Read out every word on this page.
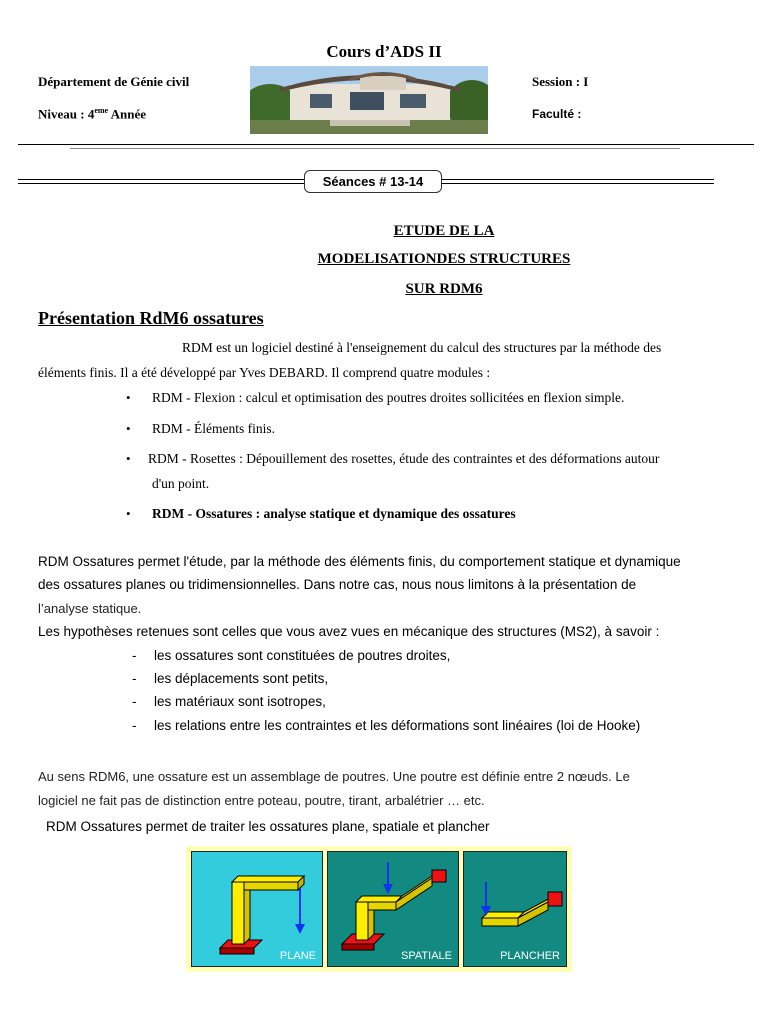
Cours d’ADS II
Département de Génie civil
Niveau : 4eme Année
Session : I
Faculté :
Séances # 13-14
ETUDE DE LA
MODELISATIONDES STRUCTURES
SUR RDM6
Présentation RdM6 ossatures
RDM est un logiciel destiné à l'enseignement du calcul des structures par la méthode des
éléments finis. Il a été développé par Yves DEBARD. Il comprend quatre modules :
• RDM - Flexion : calcul et optimisation des poutres droites sollicitées en flexion simple.
• RDM - Éléments finis.
• RDM - Rosettes : Dépouillement des rosettes, étude des contraintes et des déformations autour
d'un point.
• RDM - Ossatures : analyse statique et dynamique des ossatures
RDM Ossatures permet l'étude, par la méthode des éléments finis, du comportement statique et dynamique
des ossatures planes ou tridimensionnelles. Dans notre cas, nous nous limitons à la présentation de
l’analyse statique.
Les hypothèses retenues sont celles que vous avez vues en mécanique des structures (MS2), à savoir :
- les ossatures sont constituées de poutres droites,
- les déplacements sont petits,
- les matériaux sont isotropes,
- les relations entre les contraintes et les déformations sont linéaires (loi de Hooke)
Au sens RDM6, une ossature est un assemblage de poutres. Une poutre est définie entre 2 nœuds. Le
logiciel ne fait pas de distinction entre poteau, poutre, tirant, arbalétrier … etc.
RDM Ossatures permet de traiter les ossatures plane, spatiale et plancher
PLANE	SPATIALE	PLANCHER
